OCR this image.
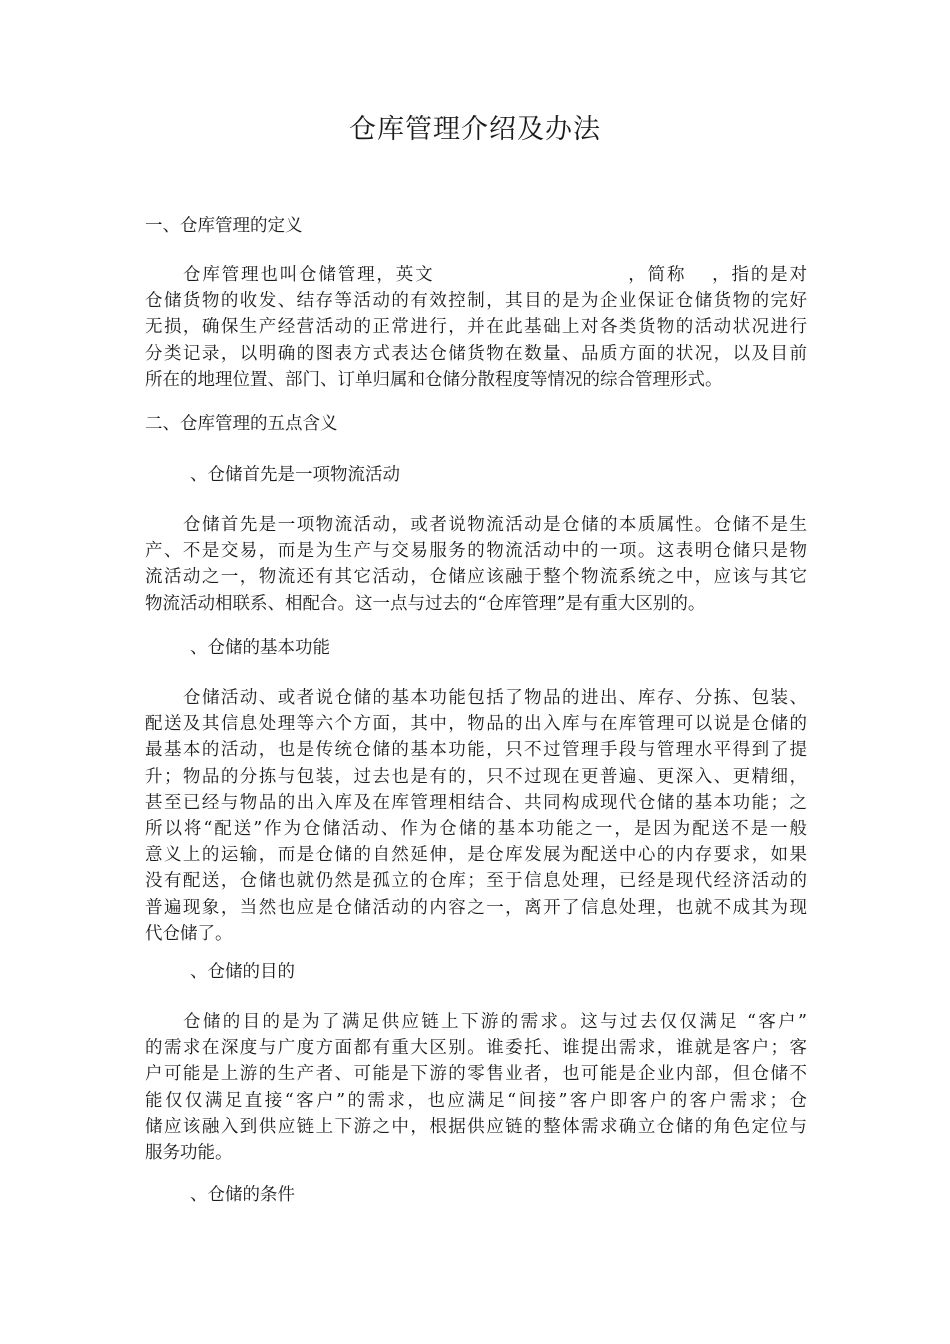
仓库管理介绍及办法
一、仓库管理的定义
仓库管理也叫仓储管理，英文	，简称 ，指的是对
仓储货物的收发、结存等活动的有效控制，其目的是为企业保证仓储货物的完好
无损，确保生产经营活动的正常进行，并在此基础上对各类货物的活动状况进行
分类记录，以明确的图表方式表达仓储货物在数量、品质方面的状况，以及目前
所在的地理位置、部门、订单归属和仓储分散程度等情况的综合管理形式。
二、仓库管理的五点含义
、仓储首先是一项物流活动
仓储首先是一项物流活动，或者说物流活动是仓储的本质属性。仓储不是生
产、不是交易，而是为生产与交易服务的物流活动中的一项。这表明仓储只是物
流活动之一，物流还有其它活动，仓储应该融于整个物流系统之中，应该与其它
物流活动相联系、相配合。这一点与过去的“仓库管理”是有重大区别的。
、仓储的基本功能
仓储活动、或者说仓储的基本功能包括了物品的进出、库存、分拣、包装、
配送及其信息处理等六个方面，其中，物品的出入库与在库管理可以说是仓储的
最基本的活动，也是传统仓储的基本功能，只不过管理手段与管理水平得到了提
升；物品的分拣与包装，过去也是有的，只不过现在更普遍、更深入、更精细，
甚至已经与物品的出入库及在库管理相结合、共同构成现代仓储的基本功能；之
所以将“配送”作为仓储活动、作为仓储的基本功能之一，是因为配送不是一般
意义上的运输，而是仓储的自然延伸，是仓库发展为配送中心的内存要求，如果
没有配送，仓储也就仍然是孤立的仓库；至于信息处理，已经是现代经济活动的
普遍现象，当然也应是仓储活动的内容之一，离开了信息处理，也就不成其为现
代仓储了。
、仓储的目的
仓储的目的是为了满足供应链上下游的需求。这与过去仅仅满足 “客户”
的需求在深度与广度方面都有重大区别。谁委托、谁提出需求，谁就是客户；客
户可能是上游的生产者、可能是下游的零售业者，也可能是企业内部，但仓储不
能仅仅满足直接“客户”的需求，也应满足“间接”客户即客户的客户需求；仓
储应该融入到供应链上下游之中，根据供应链的整体需求确立仓储的角色定位与
服务功能。
、仓储的条件
